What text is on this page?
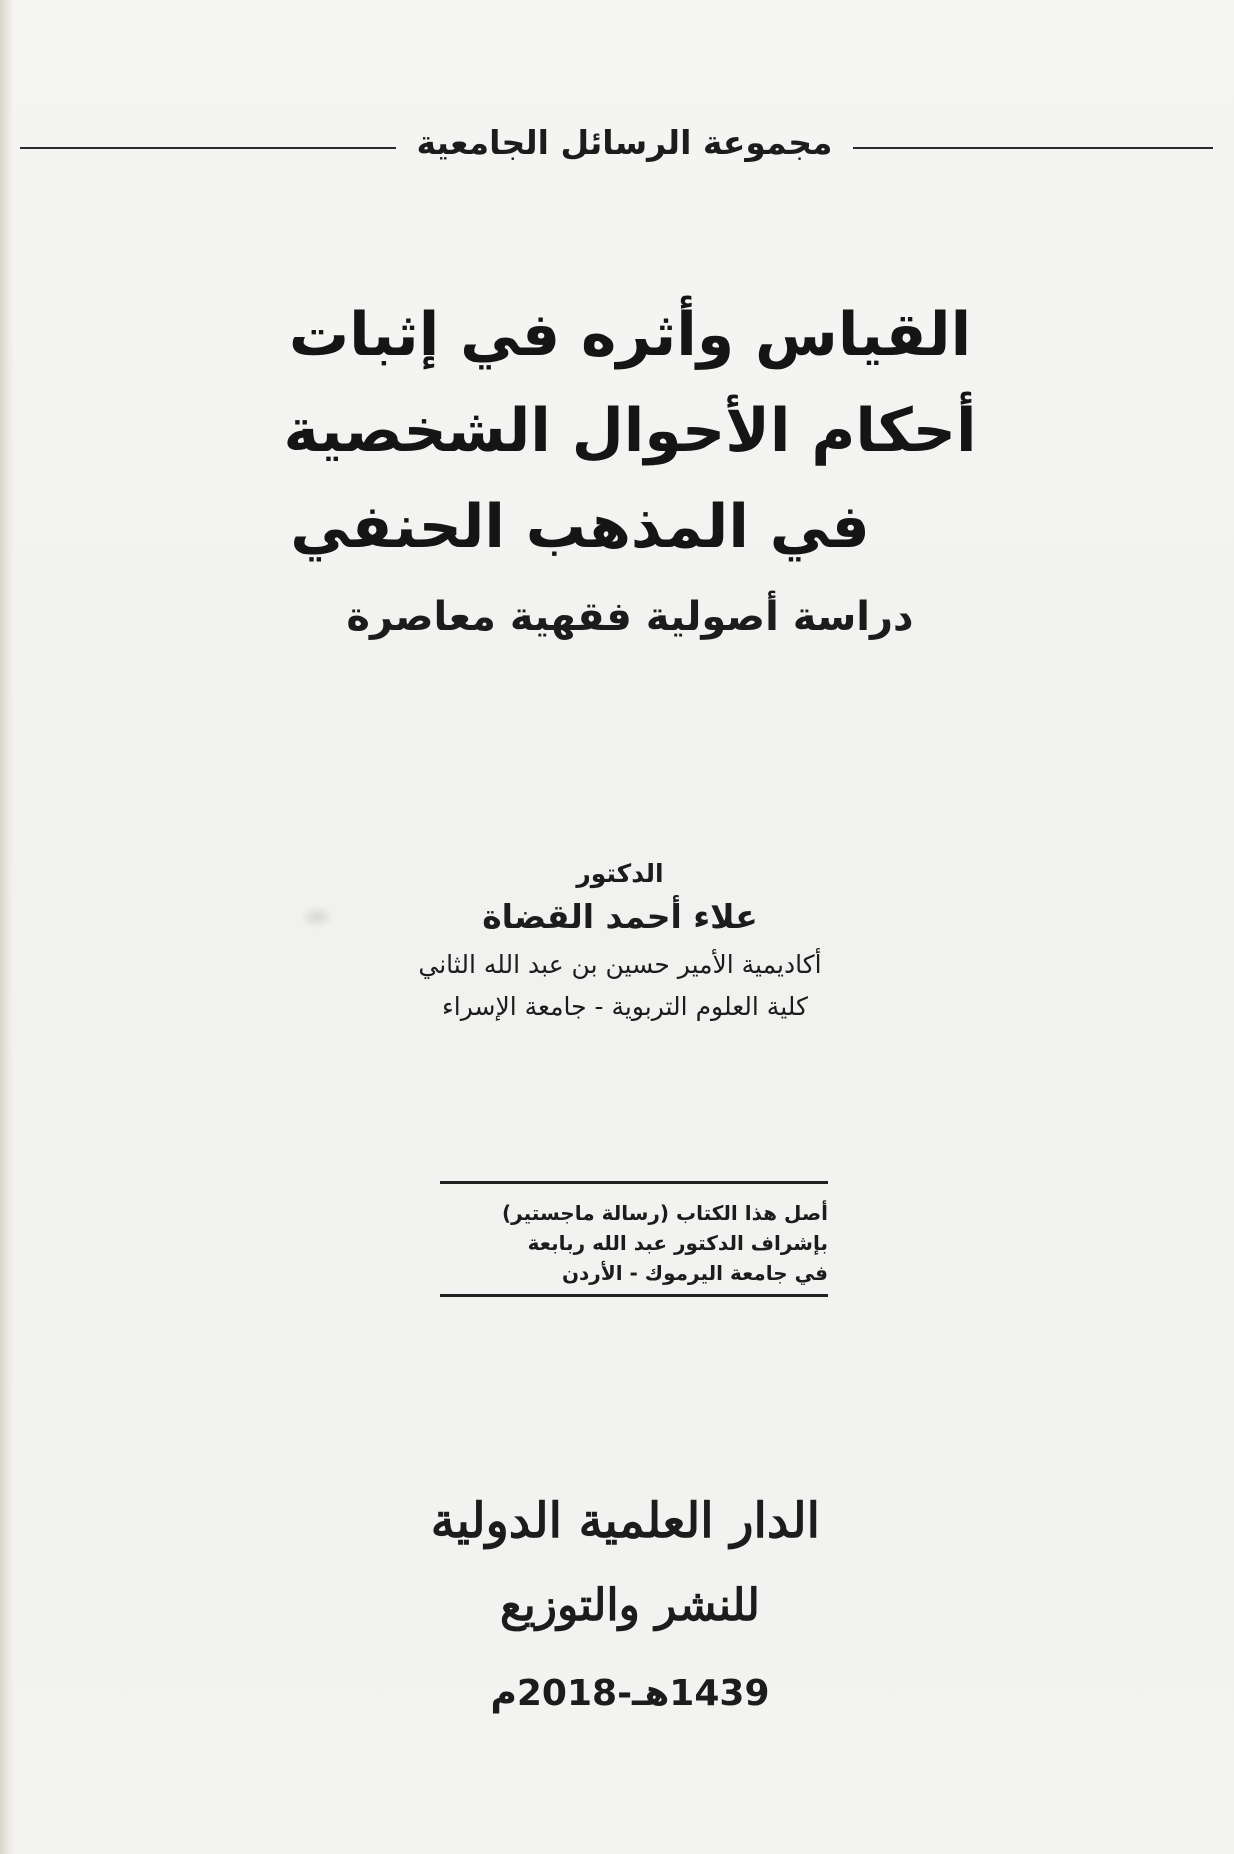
مجموعة الرسائل الجامعية
القياس وأثره في إثبات
أحكام الأحوال الشخصية
في المذهب الحنفي
دراسة أصولية فقهية معاصرة
الدكتور
علاء أحمد القضاة
أكاديمية الأمير حسين بن عبد الله الثاني
كلية العلوم التربوية - جامعة الإسراء
أصل هذا الكتاب (رسالة ماجستير)
بإشراف الدكتور عبد الله ربابعة
في جامعة اليرموك - الأردن
الدار العلمية الدولية
للنشر والتوزيع
1439هـ-2018م
